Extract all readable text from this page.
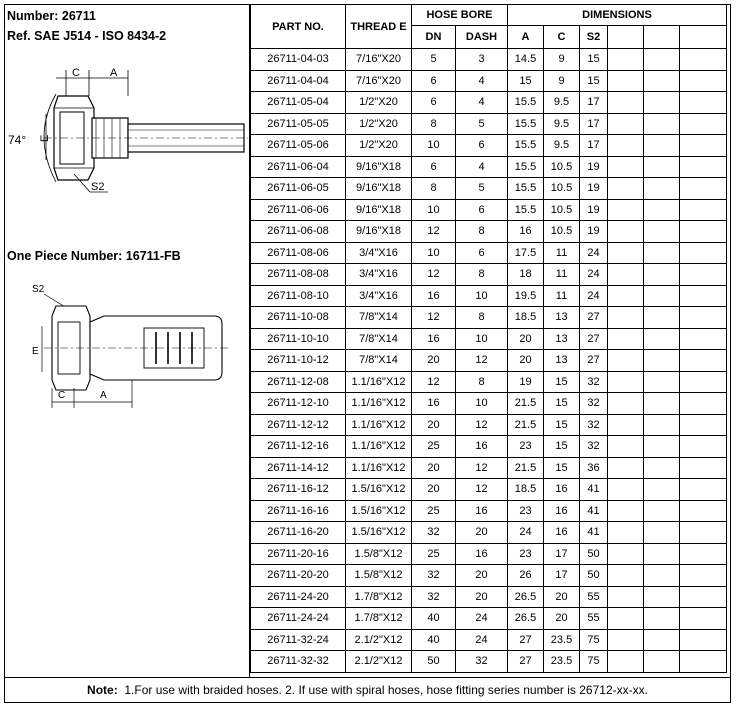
Number: 26711
Ref. SAE J514 - ISO 8434-2
C	A
74° E
S2
One Piece Number: 16711-FB
S2
E
C	A
PART NO.	THREAD E	HOSE BORE		DIMENSIONS					
		DN	DASH	A	C	S2			
26711-04-03	7/16"X20	5	3	14.5	9	15			
26711-04-04	7/16"X20	6	4	15	9	15			
26711-05-04	1/2"X20	6	4	15.5	9.5	17			
26711-05-05	1/2"X20	8	5	15.5	9.5	17			
26711-05-06	1/2"X20	10	6	15.5	9.5	17			
26711-06-04	9/16"X18	6	4	15.5	10.5	19			
26711-06-05	9/16"X18	8	5	15.5	10.5	19			
26711-06-06	9/16"X18	10	6	15.5	10.5	19			
26711-06-08	9/16"X18	12	8	16	10.5	19			
26711-08-06	3/4"X16	10	6	17.5	11	24			
26711-08-08	3/4"X16	12	8	18	11	24			
26711-08-10	3/4"X16	16	10	19.5	11	24			
26711-10-08	7/8"X14	12	8	18.5	13	27			
26711-10-10	7/8"X14	16	10	20	13	27			
26711-10-12	7/8"X14	20	12	20	13	27			
26711-12-08	1.1/16"X12	12	8	19	15	32			
26711-12-10	1.1/16"X12	16	10	21.5	15	32			
26711-12-12	1.1/16"X12	20	12	21.5	15	32			
26711-12-16	1.1/16"X12	25	16	23	15	32			
26711-14-12	1.1/16"X12	20	12	21.5	15	36			
26711-16-12	1.5/16"X12	20	12	18.5	16	41			
26711-16-16	1.5/16"X12	25	16	23	16	41			
26711-16-20	1.5/16"X12	32	20	24	16	41			
26711-20-16	1.5/8"X12	25	16	23	17	50			
26711-20-20	1.5/8"X12	32	20	26	17	50			
26711-24-20	1.7/8"X12	32	20	26.5	20	55			
26711-24-24	1.7/8"X12	40	24	26.5	20	55			
26711-32-24	2.1/2"X12	40	24	27	23.5	75			
26711-32-32	2.1/2"X12	50	32	27	23.5	75			
Note: 1.For use with braided hoses. 2. If use with spiral hoses, hose fitting series number is 26712-xx-xx.
